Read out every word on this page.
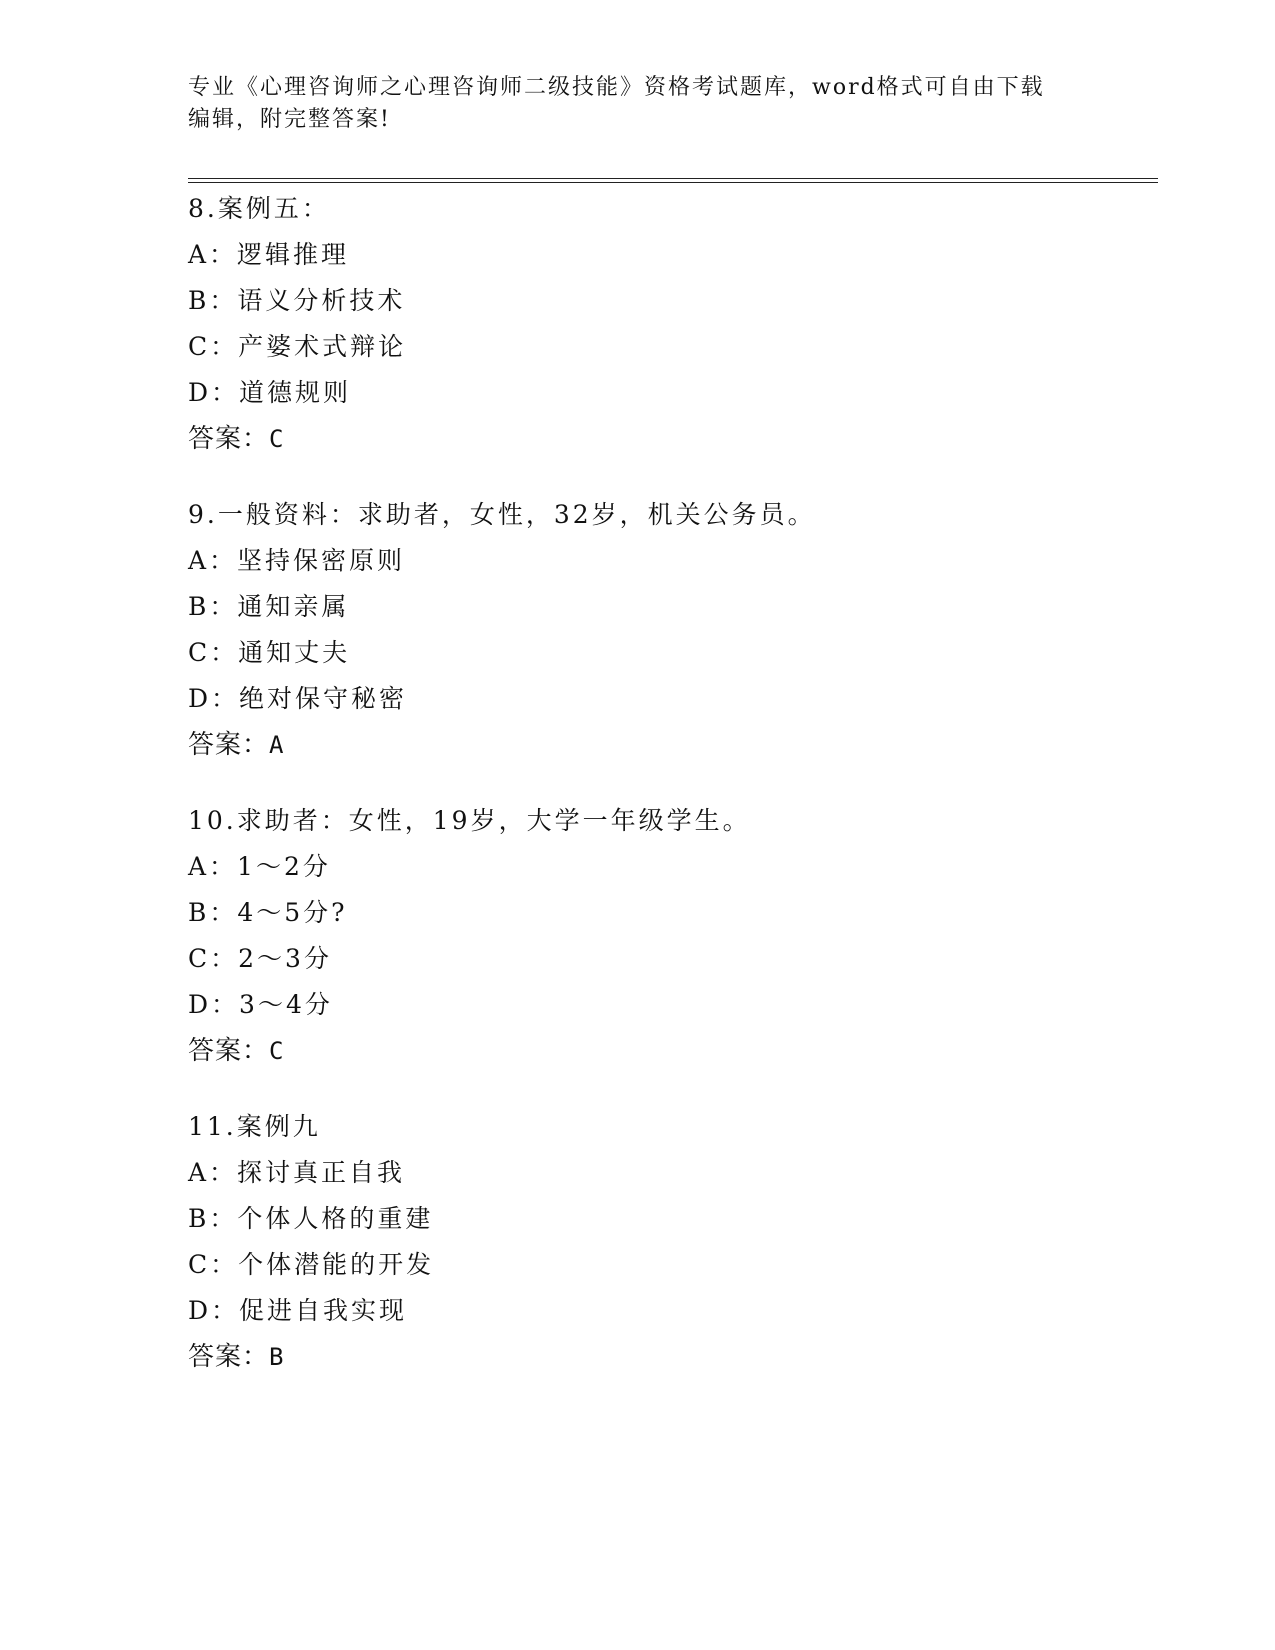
专业《心理咨询师之心理咨询师二级技能》资格考试题库，word格式可自由下载
编辑，附完整答案!
8.案例五：
A：逻辑推理
B：语义分析技术
C：产婆术式辩论
D：道德规则
答案：C
9.一般资料：求助者，女性，32岁，机关公务员。
A：坚持保密原则
B：通知亲属
C：通知丈夫
D：绝对保守秘密
答案：A
10.求助者：女性，19岁，大学一年级学生。
A：1～2分
B：4～5分?
C：2～3分
D：3～4分
答案：C
11.案例九
A：探讨真正自我
B：个体人格的重建
C：个体潜能的开发
D：促进自我实现
答案：B
